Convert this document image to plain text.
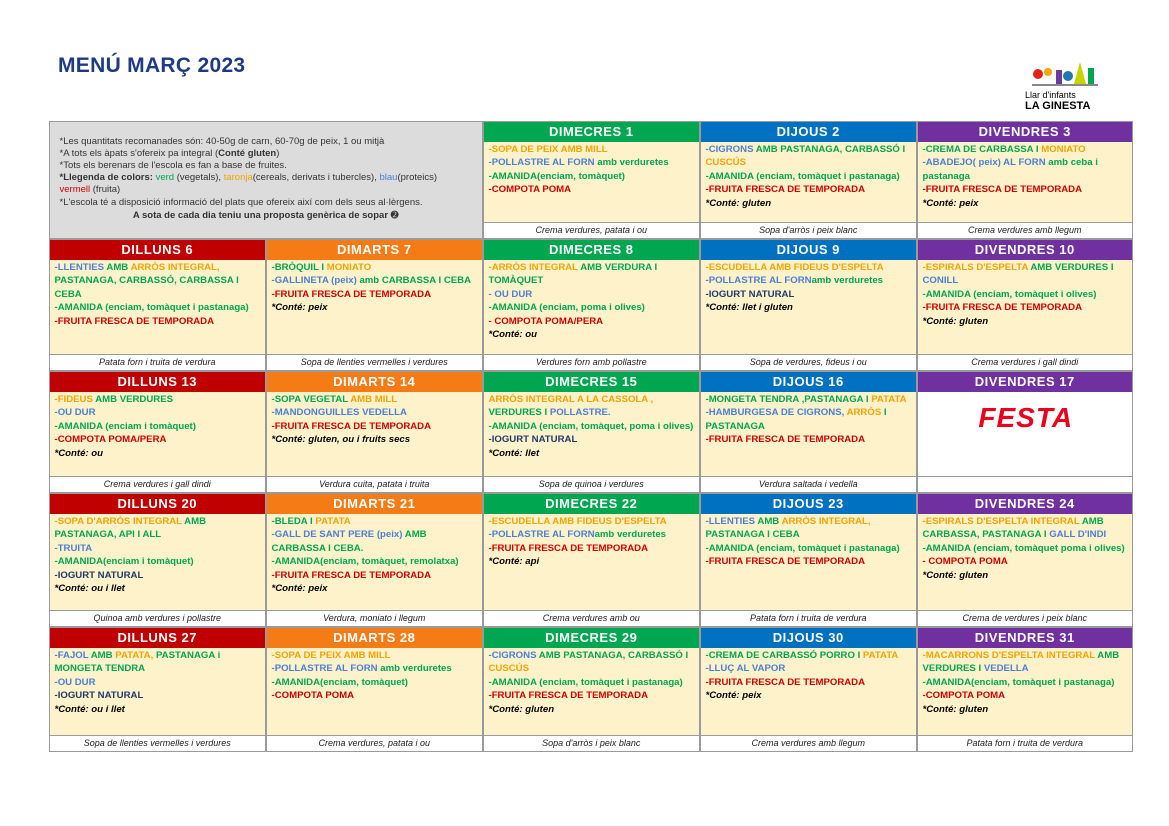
MENÚ MARÇ 2023
Llar d'infants
LA GINESTA
*Les quantitats recomanades són: 40-50g de carn, 60-70g de peix, 1 ou mitjà
*A tots els àpats s'ofereix pa integral (Conté gluten)
*Tots els berenars de l'escola es fan a base de fruites.
*Llegenda de colors: verd (vegetals), taronja(cereals, derivats i tubercles), blau(proteics)
vermell (fruita)
*L'escola té a disposició informació del plats que ofereix així com dels seus al·lèrgens.
A sota de cada dia teniu una proposta genèrica de sopar ➋
DIMECRES 1
-SOPA DE PEIX AMB MILL
-POLLASTRE AL FORN amb verduretes
-AMANIDA(enciam, tomàquet)
-COMPOTA POMA
Crema verdures, patata i ou
DIJOUS 2
-CIGRONS AMB PASTANAGA, CARBASSÓ I CUSCÚS
-AMANIDA (enciam, tomàquet i pastanaga)
-FRUITA FRESCA DE TEMPORADA
*Conté: gluten
Sopa d'arròs i peix blanc
DIVENDRES 3
-CREMA DE CARBASSA I MONIATO
-ABADEJO( peix) AL FORN amb ceba i pastanaga
-FRUITA FRESCA DE TEMPORADA
*Conté: peix
Crema verdures amb llegum
DILLUNS 6
-LLENTIES AMB ARRÒS INTEGRAL, PASTANAGA, CARBASSÓ, CARBASSA I CEBA
-AMANIDA (enciam, tomàquet i pastanaga)
-FRUITA FRESCA DE TEMPORADA
Patata forn i truita de verdura
DIMARTS 7
-BRÒQUIL I MONIATO
-GALLINETA (peix) amb CARBASSA I CEBA
-FRUITA FRESCA DE TEMPORADA
*Conté: peix
Sopa de llenties vermelles i verdures
DIMECRES 8
-ARRÒS INTEGRAL AMB VERDURA I TOMÀQUET
- OU DUR
-AMANIDA (enciam, poma i olives)
- COMPOTA POMA/PERA
*Conté: ou
Verdures forn amb pollastre
DIJOUS 9
-ESCUDELLA AMB FIDEUS D'ESPELTA
-POLLASTRE AL FORNamb verduretes
-IOGURT NATURAL
*Conté: llet i gluten
Sopa de verdures, fideus i ou
DIVENDRES 10
-ESPIRALS D'ESPELTA AMB VERDURES I CONILL
-AMANIDA (enciam, tomàquet i olives)
-FRUITA FRESCA DE TEMPORADA
*Conté: gluten
Crema verdures i gall dindi
DILLUNS 13
-FIDEUS AMB VERDURES
-OU DUR
-AMANIDA (enciam i tomàquet)
-COMPOTA POMA/PERA
*Conté: ou
Crema verdures i gall dindi
DIMARTS 14
-SOPA VEGETAL AMB MILL
-MANDONGUILLES VEDELLA
-FRUITA FRESCA DE TEMPORADA
*Conté: gluten, ou i fruits secs
Verdura cuita, patata i truita
DIMECRES 15
ARRÒS INTEGRAL A LA CASSOLA , VERDURES I POLLASTRE.
-AMANIDA (enciam, tomàquet, poma i olives)
-IOGURT NATURAL
*Conté: llet
Sopa de quinoa i verdures
DIJOUS 16
-MONGETA TENDRA ,PASTANAGA I PATATA
-HAMBURGESA DE CIGRONS, ARRÒS I PASTANAGA
-FRUITA FRESCA DE TEMPORADA
Verdura saltada i vedella
DIVENDRES 17
FESTA
DILLUNS 20
-SOPA D'ARRÒS INTEGRAL AMB PASTANAGA, API I ALL
-TRUITA
-AMANIDA(enciam i tomàquet)
-IOGURT NATURAL
*Conté: ou i llet
Quinoa amb verdures i pollastre
DIMARTS 21
-BLEDA I PATATA
-GALL DE SANT PERE (peix) AMB CARBASSA I CEBA.
-AMANIDA(enciam, tomàquet, remolatxa)
-FRUITA FRESCA DE TEMPORADA
*Conté: peix
Verdura, moniato i llegum
DIMECRES 22
-ESCUDELLA AMB FIDEUS D'ESPELTA
-POLLASTRE AL FORNamb verduretes
-FRUITA FRESCA DE TEMPORADA
*Conté: api
Crema verdures amb ou
DIJOUS 23
-LLENTIES AMB ARRÒS INTEGRAL, PASTANAGA I CEBA
-AMANIDA (enciam, tomàquet i pastanaga)
-FRUITA FRESCA DE TEMPORADA
Patata forn i truita de verdura
DIVENDRES 24
-ESPIRALS D'ESPELTA INTEGRAL AMB CARBASSA, PASTANAGA I GALL D'INDI
-AMANIDA (enciam, tomàquet poma i olives)
- COMPOTA POMA
*Conté: gluten
Crema de verdures i peix blanc
DILLUNS 27
-FAJOL AMB PATATA, PASTANAGA i MONGETA TENDRA
-OU DUR
-IOGURT NATURAL
*Conté: ou i llet
Sopa de llenties vermelles i verdures
DIMARTS 28
-SOPA DE PEIX AMB MILL
-POLLASTRE AL FORN amb verduretes
-AMANIDA(enciam, tomàquet)
-COMPOTA POMA
Crema verdures, patata i ou
DIMECRES 29
-CIGRONS AMB PASTANAGA, CARBASSÓ I CUSCÚS
-AMANIDA (enciam, tomàquet i pastanaga)
-FRUITA FRESCA DE TEMPORADA
*Conté: gluten
Sopa d'arròs i peix blanc
DIJOUS 30
-CREMA DE CARBASSÓ PORRO I PATATA
-LLUÇ AL VAPOR
-FRUITA FRESCA DE TEMPORADA
*Conté: peix
Crema verdures amb llegum
DIVENDRES 31
-MACARRONS D'ESPELTA INTEGRAL AMB VERDURES I VEDELLA
-AMANIDA(enciam, tomàquet i pastanaga)
-COMPOTA POMA
*Conté: gluten
Patata forn i truita de verdura
